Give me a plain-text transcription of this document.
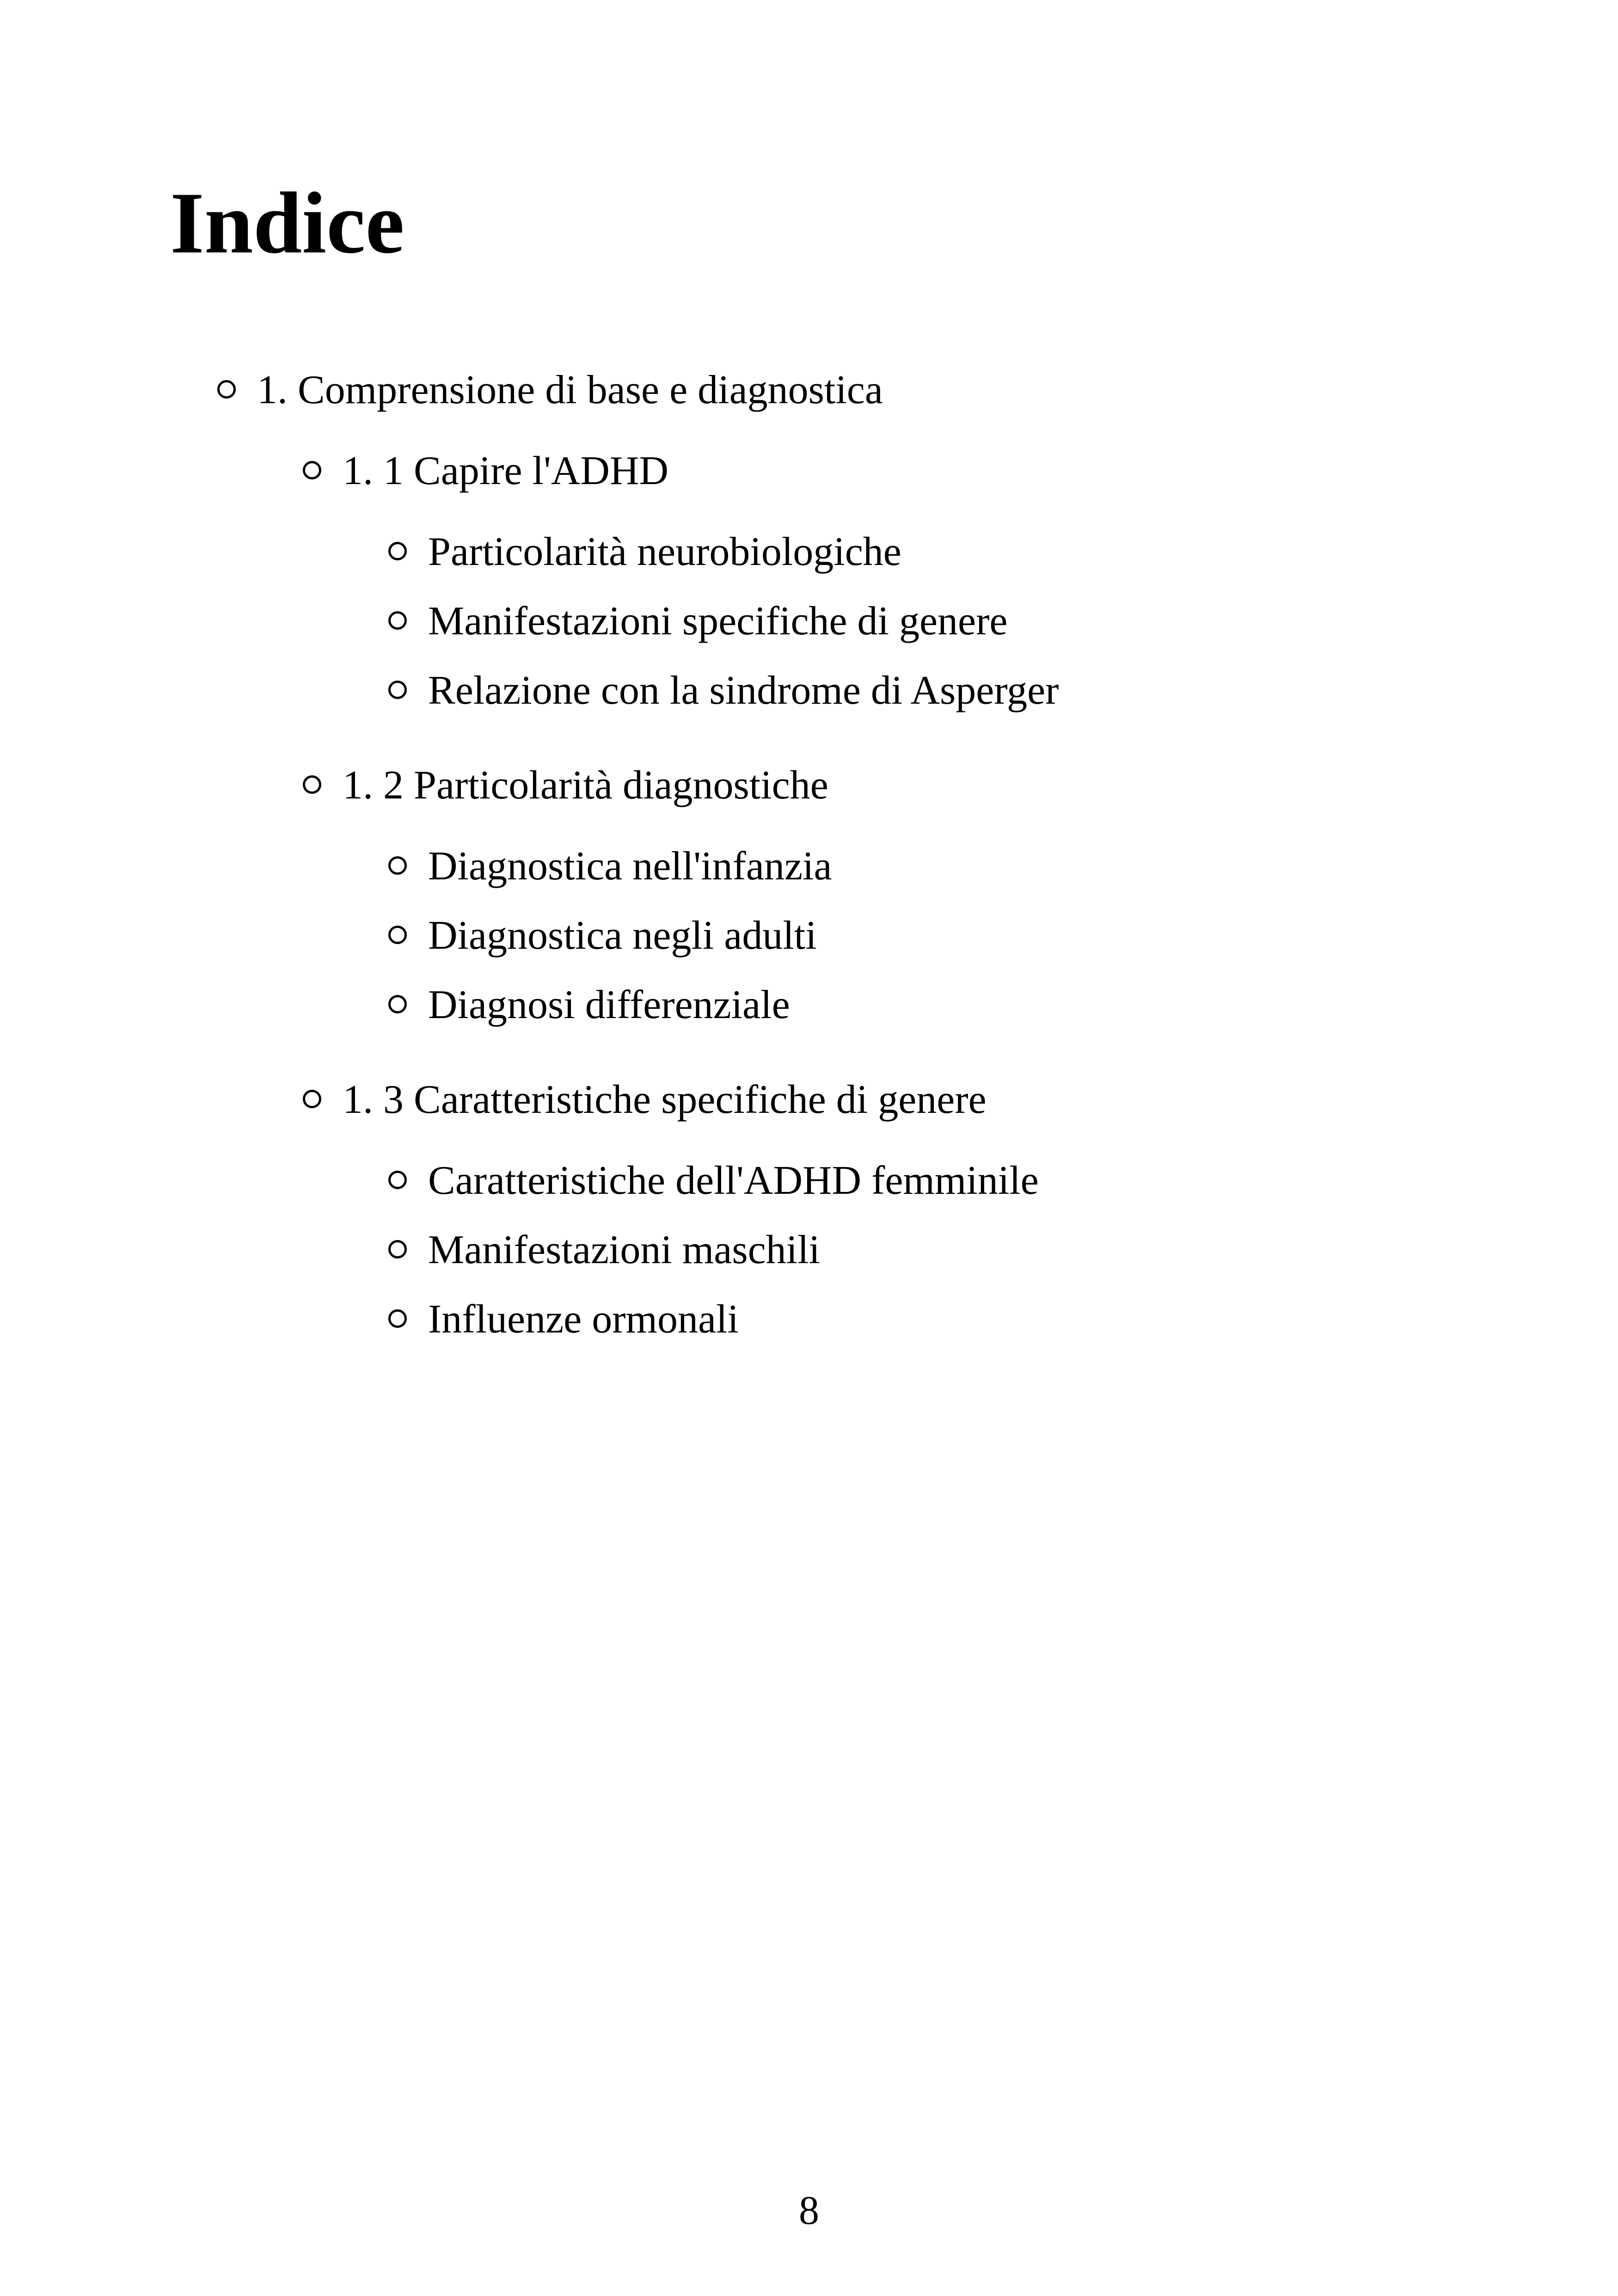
Indice
1. Comprensione di base e diagnostica
1. 1 Capire l'ADHD
Particolarità neurobiologiche
Manifestazioni specifiche di genere
Relazione con la sindrome di Asperger
1. 2 Particolarità diagnostiche
Diagnostica nell'infanzia
Diagnostica negli adulti
Diagnosi differenziale
1. 3 Caratteristiche specifiche di genere
Caratteristiche dell'ADHD femminile
Manifestazioni maschili
Influenze ormonali
8
